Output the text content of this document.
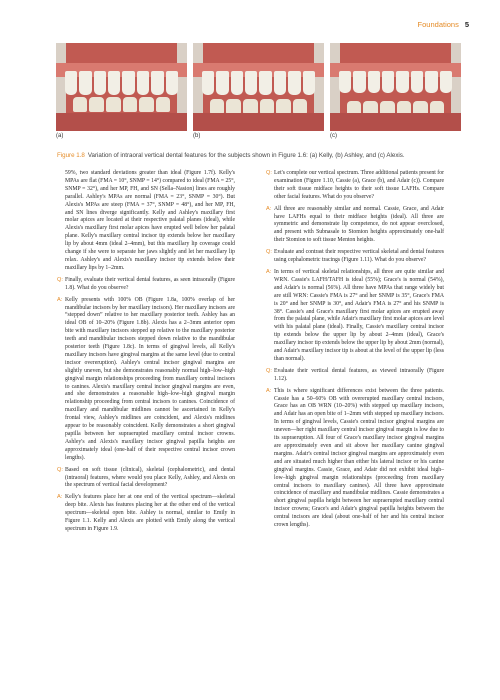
Foundations 5
(a)	(b)	(c)
Figure 1.8 Variation of intraoral vertical dental features for the subjects shown in Figure 1.6: (a) Kelly, (b) Ashley, and (c) Alexis.

59%, two standard deviations greater than ideal (Figure 1.7f). Kelly's MPAs are flat (FMA = 10°, SNMP = 14°) compared to ideal (FMA = 25°, SNMP = 32°), and her MP, FH, and SN (Sella–Nasion) lines are roughly parallel. Ashley's MPAs are normal (FMA = 23°, SNMP = 30°). But Alexis's MPAs are steep (FMA = 37°, SNMP = 48°), and her MP, FH, and SN lines diverge significantly. Kelly and Ashley's maxillary first molar apices are located at their respective palatal planes (ideal), while Alexis's maxillary first molar apices have erupted well below her palatal plane. Kelly's maxillary central incisor tip extends below her maxillary lip by about 4mm (ideal 2–4mm), but this maxillary lip coverage could change if she were to separate her jaws slightly and let her maxillary lip relax. Ashley's and Alexis's maxillary incisor tip extends below their maxillary lips by 1–2mm.

Q: Finally, evaluate their vertical dental features, as seen intraorally (Figure 1.8). What do you observe?
A: Kelly presents with 100% OB (Figure 1.8a, 100% overlap of her mandibular incisors by her maxillary incisors). Her maxillary incisors are “stepped down” relative to her maxillary posterior teeth. Ashley has an ideal OB of 10–20% (Figure 1.8b). Alexis has a 2–3mm anterior open bite with maxillary incisors stepped up relative to the maxillary posterior teeth and mandibular incisors stepped down relative to the mandibular posterior teeth (Figure 1.8c). In terms of gingival levels, all Kelly's maxillary incisors have gingival margins at the same level (due to central incisor overeruption). Ashley's central incisor gingival margins are slightly uneven, but she demonstrates reasonably normal high–low–high gingival margin relationships proceeding from maxillary central incisors to canines. Alexis's maxillary central incisor gingival margins are even, and she demonstrates a reasonable high–low–high gingival margin relationship proceeding from central incisors to canines. Coincidence of maxillary and mandibular midlines cannot be ascertained in Kelly's frontal view, Ashley's midlines are coincident, and Alexis's midlines appear to be reasonably coincident. Kelly demonstrates a short gingival papilla between her supraerupted maxillary central incisor crowns. Ashley's and Alexis's maxillary incisor gingival papilla heights are approximately ideal (one-half of their respective central incisor crown lengths).
Q: Based on soft tissue (clinical), skeletal (cephalometric), and dental (intraoral) features, where would you place Kelly, Ashley, and Alexis on the spectrum of vertical facial development?
A: Kelly's features place her at one end of the vertical spectrum—skeletal deep bite. Alexis has features placing her at the other end of the vertical spectrum—skeletal open bite. Ashley is normal, similar to Emily in Figure 1.1. Kelly and Alexis are plotted with Emily along the vertical spectrum in Figure 1.9.
Q: Let's complete our vertical spectrum. Three additional patients present for examination (Figure 1.10, Cassie (a), Grace (b), and Adair (c)). Compare their soft tissue midface heights to their soft tissue LAFHs. Compare other facial features. What do you observe?
A: All three are reasonably similar and normal. Cassie, Grace, and Adair have LAFHs equal to their midface heights (ideal). All three are symmetric and demonstrate lip competence, do not appear overclosed, and present with Subnasale to Stomion heights approximately one-half their Stomion to soft tissue Menton heights.
Q: Evaluate and contrast their respective vertical skeletal and dental features using cephalometric tracings (Figure 1.11). What do you observe?
A: In terms of vertical skeletal relationships, all three are quite similar and WRN. Cassie's LAFH/TAFH is ideal (55%); Grace's is normal (54%), and Adair's is normal (56%). All three have MPAs that range widely but are still WRN: Cassie's FMA is 27° and her SNMP is 35°, Grace's FMA is 20° and her SNMP is 30°, and Adair's FMA is 27° and his SNMP is 38°. Cassie's and Grace's maxillary first molar apices are erupted away from the palatal plane, while Adair's maxillary first molar apices are level with his palatal plane (ideal). Finally, Cassie's maxillary central incisor tip extends below the upper lip by about 2–4mm (ideal), Grace's maxillary incisor tip extends below the upper lip by about 2mm (normal), and Adair's maxillary incisor tip is about at the level of the upper lip (less than normal).
Q: Evaluate their vertical dental features, as viewed intraorally (Figure 1.12).
A: This is where significant differences exist between the three patients. Cassie has a 50–60% OB with overerupted maxillary central incisors, Grace has an OB WRN (10–20%) with stepped up maxillary incisors, and Adair has an open bite of 1–2mm with stepped up maxillary incisors. In terms of gingival levels, Cassie's central incisor gingival margins are uneven—her right maxillary central incisor gingival margin is low due to its supraeruption. All four of Grace's maxillary incisor gingival margins are approximately even and sit above her maxillary canine gingival margins. Adair's central incisor gingival margins are approximately even and are situated much higher than either his lateral incisor or his canine gingival margins. Cassie, Grace, and Adair did not exhibit ideal high–low–high gingival margin relationships (proceeding from maxillary central incisors to maxillary canines). All three have approximate coincidence of maxillary and mandibular midlines. Cassie demonstrates a short gingival papilla height between her supraerupted maxillary central incisor crowns; Grace's and Adair's gingival papilla heights between the central incisors are ideal (about one-half of her and his central incisor crown lengths).
